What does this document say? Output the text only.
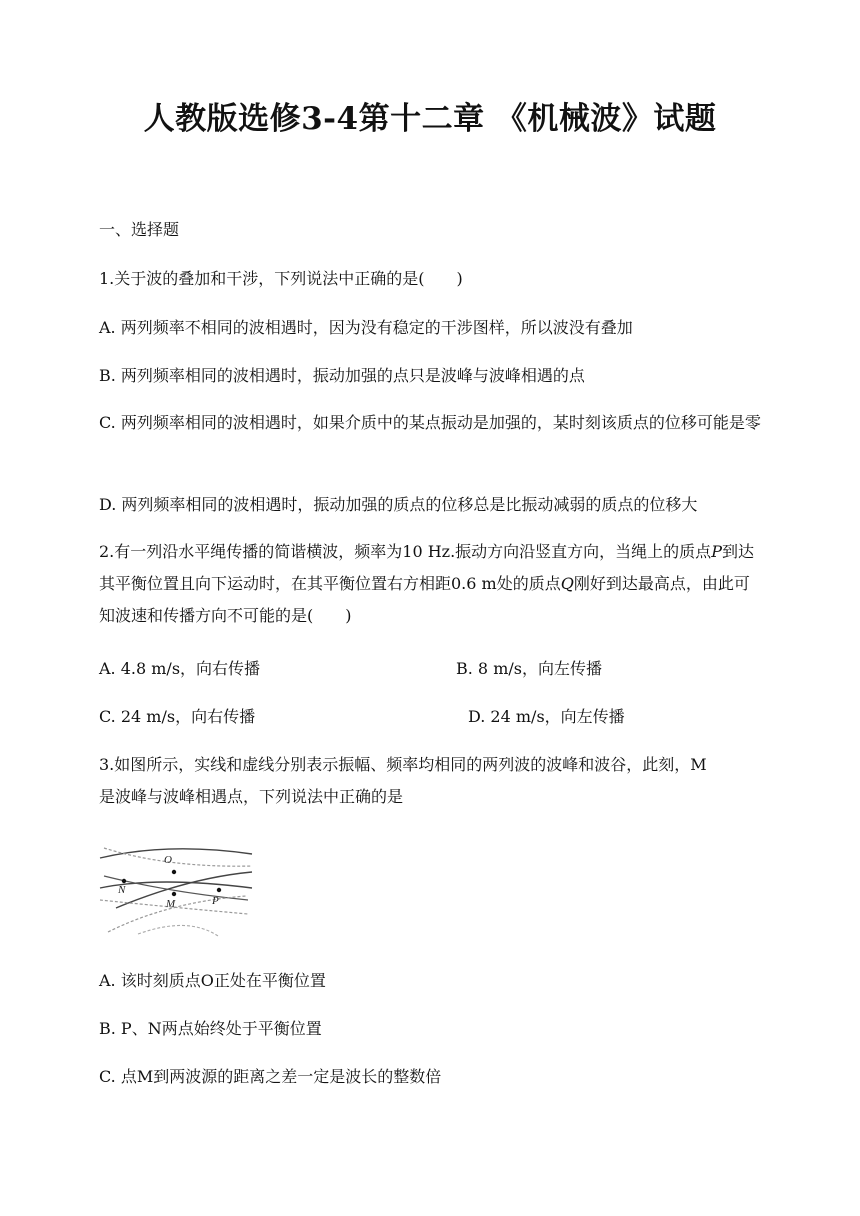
人教版选修3-4第十二章 《机械波》试题
一、选择题
1.关于波的叠加和干涉，下列说法中正确的是(　　)
A. 两列频率不相同的波相遇时，因为没有稳定的干涉图样，所以波没有叠加
B. 两列频率相同的波相遇时，振动加强的点只是波峰与波峰相遇的点
C. 两列频率相同的波相遇时，如果介质中的某点振动是加强的，某时刻该质点的位移可能是零
D. 两列频率相同的波相遇时，振动加强的质点的位移总是比振动减弱的质点的位移大
2.有一列沿水平绳传播的简谐横波，频率为10 Hz.振动方向沿竖直方向，当绳上的质点P到达其平衡位置且向下运动时，在其平衡位置右方相距0.6 m处的质点Q刚好到达最高点，由此可知波速和传播方向不可能的是(　　)
A. 4.8 m/s，向右传播	B. 8 m/s，向左传播
C. 24 m/s，向右传播	D. 24 m/s，向左传播
3.如图所示，实线和虚线分别表示振幅、频率均相同的两列波的波峰和波谷，此刻，M
是波峰与波峰相遇点，下列说法中正确的是
O
N
M	P
A. 该时刻质点O正处在平衡位置
B. P、N两点始终处于平衡位置
C. 点M到两波源的距离之差一定是波长的整数倍
